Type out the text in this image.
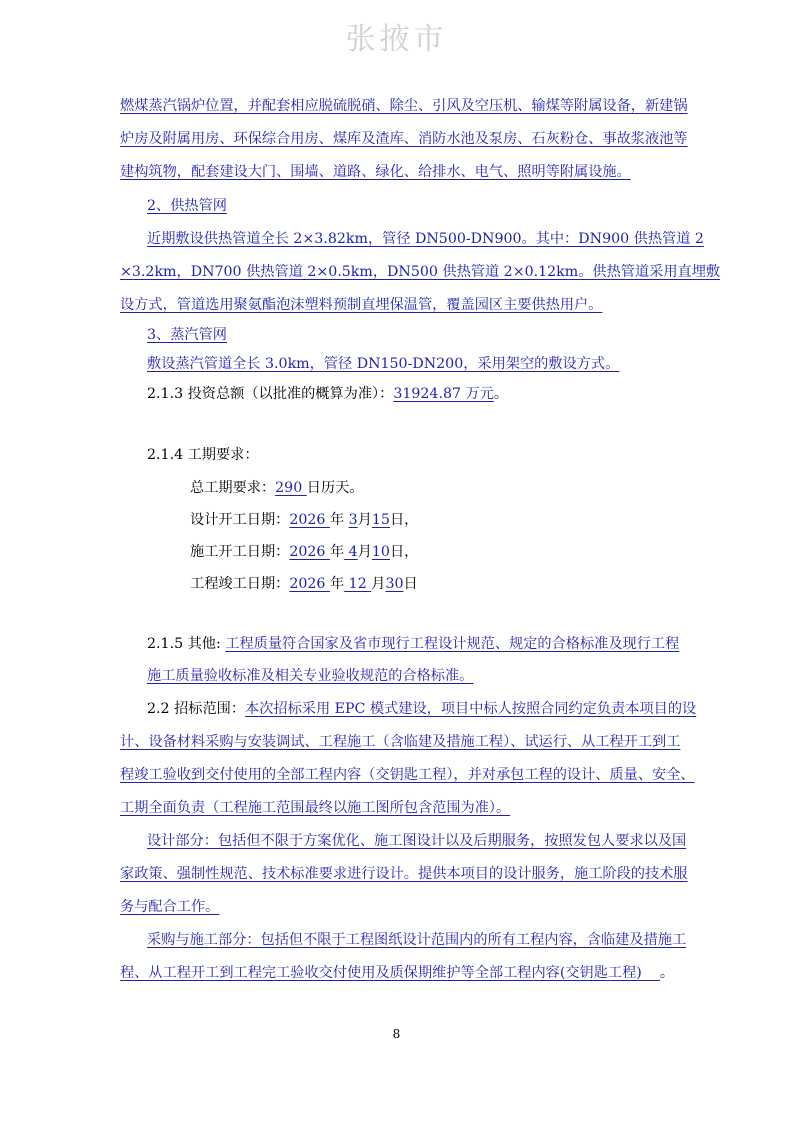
张掖市
燃煤蒸汽锅炉位置，并配套相应脱硫脱硝、除尘、引风及空压机、输煤等附属设备，新建锅
炉房及附属用房、环保综合用房、煤库及渣库、消防水池及泵房、石灰粉仓、事故浆液池等
建构筑物，配套建设大门、围墙、道路、绿化、给排水、电气、照明等附属设施。
2、供热管网
近期敷设供热管道全长 2×3.82km，管径 DN500-DN900。其中：DN900 供热管道 2
×3.2km，DN700 供热管道 2×0.5km，DN500 供热管道 2×0.12km。供热管道采用直埋敷
设方式，管道选用聚氨酯泡沫塑料预制直埋保温管，覆盖园区主要供热用户。
3、蒸汽管网
敷设蒸汽管道全长 3.0km，管径 DN150-DN200，采用架空的敷设方式。
2.1.3 投资总额（以批准的概算为准）：31924.87 万元。
2.1.4 工期要求：
总工期要求：290 日历天。
设计开工日期：2026 年 3月15日，
施工开工日期：2026 年 4月10日，
工程竣工日期：2026 年 12 月30日
2.1.5 其他: 工程质量符合国家及省市现行工程设计规范、规定的合格标准及现行工程
施工质量验收标准及相关专业验收规范的合格标准。
2.2 招标范围：本次招标采用 EPC 模式建设，项目中标人按照合同约定负责本项目的设
计、设备材料采购与安装调试、工程施工（含临建及措施工程）、试运行、从工程开工到工
程竣工验收到交付使用的全部工程内容（交钥匙工程），并对承包工程的设计、质量、安全、
工期全面负责（工程施工范围最终以施工图所包含范围为准）。
设计部分：包括但不限于方案优化、施工图设计以及后期服务，按照发包人要求以及国
家政策、强制性规范、技术标准要求进行设计。提供本项目的设计服务，施工阶段的技术服
务与配合工作。
采购与施工部分：包括但不限于工程图纸设计范围内的所有工程内容，含临建及措施工
程、从工程开工到工程完工验收交付使用及质保期维护等全部工程内容(交钥匙工程)    。
8
